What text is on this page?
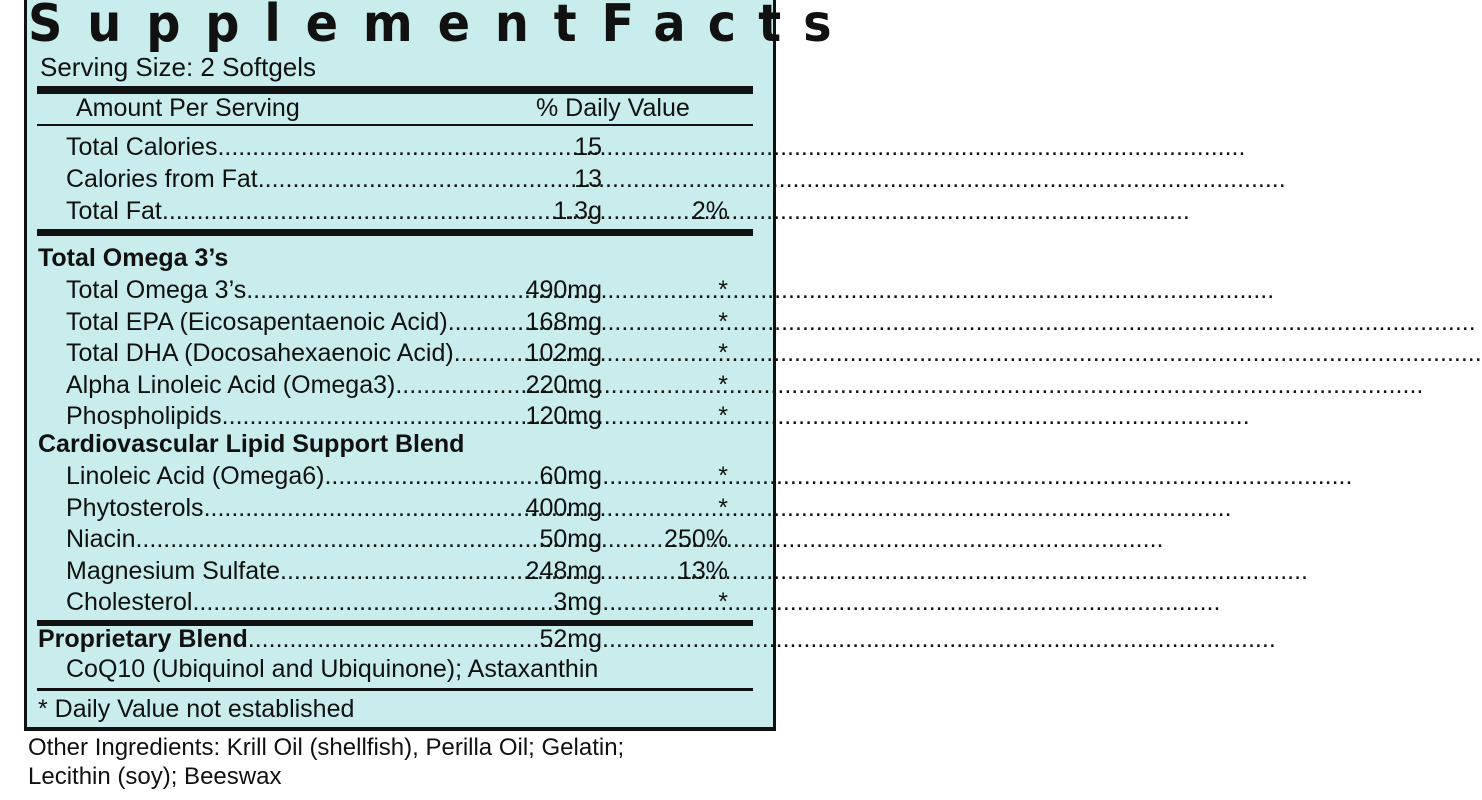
Supplement Facts
Serving Size: 2 Softgels
Amount Per Serving	% Daily Value
Total Calories .....	15
Calories from Fat .....	13
Total Fat .....	1.3g	2%
Total Omega 3’s
Total Omega 3’s .....	490mg	*
Total EPA (Eicosapentaenoic Acid) .....	168mg	*
Total DHA (Docosahexaenoic Acid) .....	102mg	*
Alpha Linoleic Acid (Omega3) .....	220mg	*
Phospholipids .....	120mg	*
Cardiovascular Lipid Support Blend
Linoleic Acid (Omega6) .....	60mg	*
Phytosterols .....	400mg	*
Niacin .....	50mg	250%
Magnesium Sulfate .....	248mg	13%
Cholesterol .....	3mg	*
Proprietary Blend .....	52mg
CoQ10 (Ubiquinol and Ubiquinone); Astaxanthin
* Daily Value not established
Other Ingredients: Krill Oil (shellfish), Perilla Oil; Gelatin;
Lecithin (soy); Beeswax
